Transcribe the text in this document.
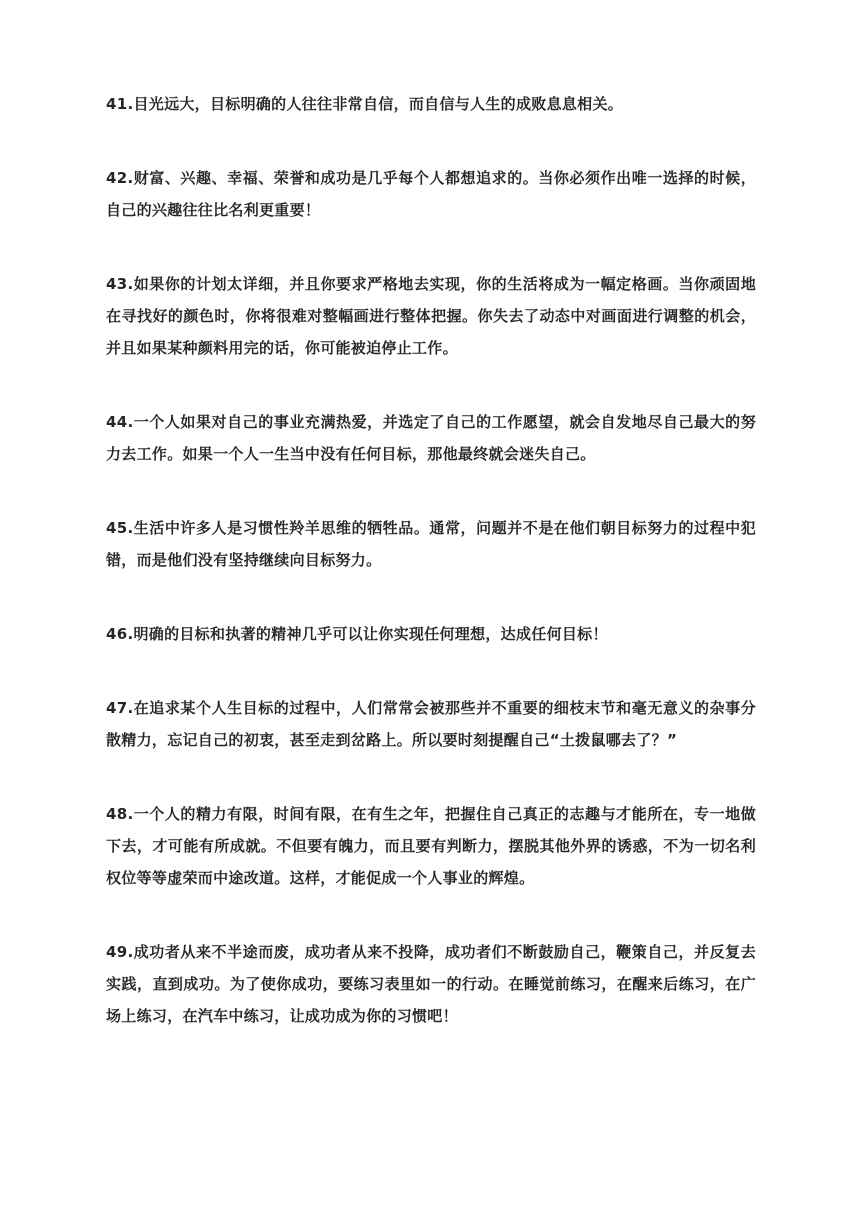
41.目光远大，目标明确的人往往非常自信，而自信与人生的成败息息相关。

42.财富、兴趣、幸福、荣誉和成功是几乎每个人都想追求的。当你必须作出唯一选择的时候，自己的兴趣往往比名利更重要！

43.如果你的计划太详细，并且你要求严格地去实现，你的生活将成为一幅定格画。当你顽固地在寻找好的颜色时，你将很难对整幅画进行整体把握。你失去了动态中对画面进行调整的机会，并且如果某种颜料用完的话，你可能被迫停止工作。

44.一个人如果对自己的事业充满热爱，并选定了自己的工作愿望，就会自发地尽自己最大的努力去工作。如果一个人一生当中没有任何目标，那他最终就会迷失自己。

45.生活中许多人是习惯性羚羊思维的牺牲品。通常，问题并不是在他们朝目标努力的过程中犯错，而是他们没有坚持继续向目标努力。

46.明确的目标和执著的精神几乎可以让你实现任何理想，达成任何目标！

47.在追求某个人生目标的过程中，人们常常会被那些并不重要的细枝末节和毫无意义的杂事分散精力，忘记自己的初衷，甚至走到岔路上。所以要时刻提醒自己“土拨鼠哪去了？”

48.一个人的精力有限，时间有限，在有生之年，把握住自己真正的志趣与才能所在，专一地做下去，才可能有所成就。不但要有魄力，而且要有判断力，摆脱其他外界的诱惑，不为一切名利权位等等虚荣而中途改道。这样，才能促成一个人事业的辉煌。

49.成功者从来不半途而废，成功者从来不投降，成功者们不断鼓励自己，鞭策自己，并反复去实践，直到成功。为了使你成功，要练习表里如一的行动。在睡觉前练习，在醒来后练习，在广场上练习，在汽车中练习，让成功成为你的习惯吧！
